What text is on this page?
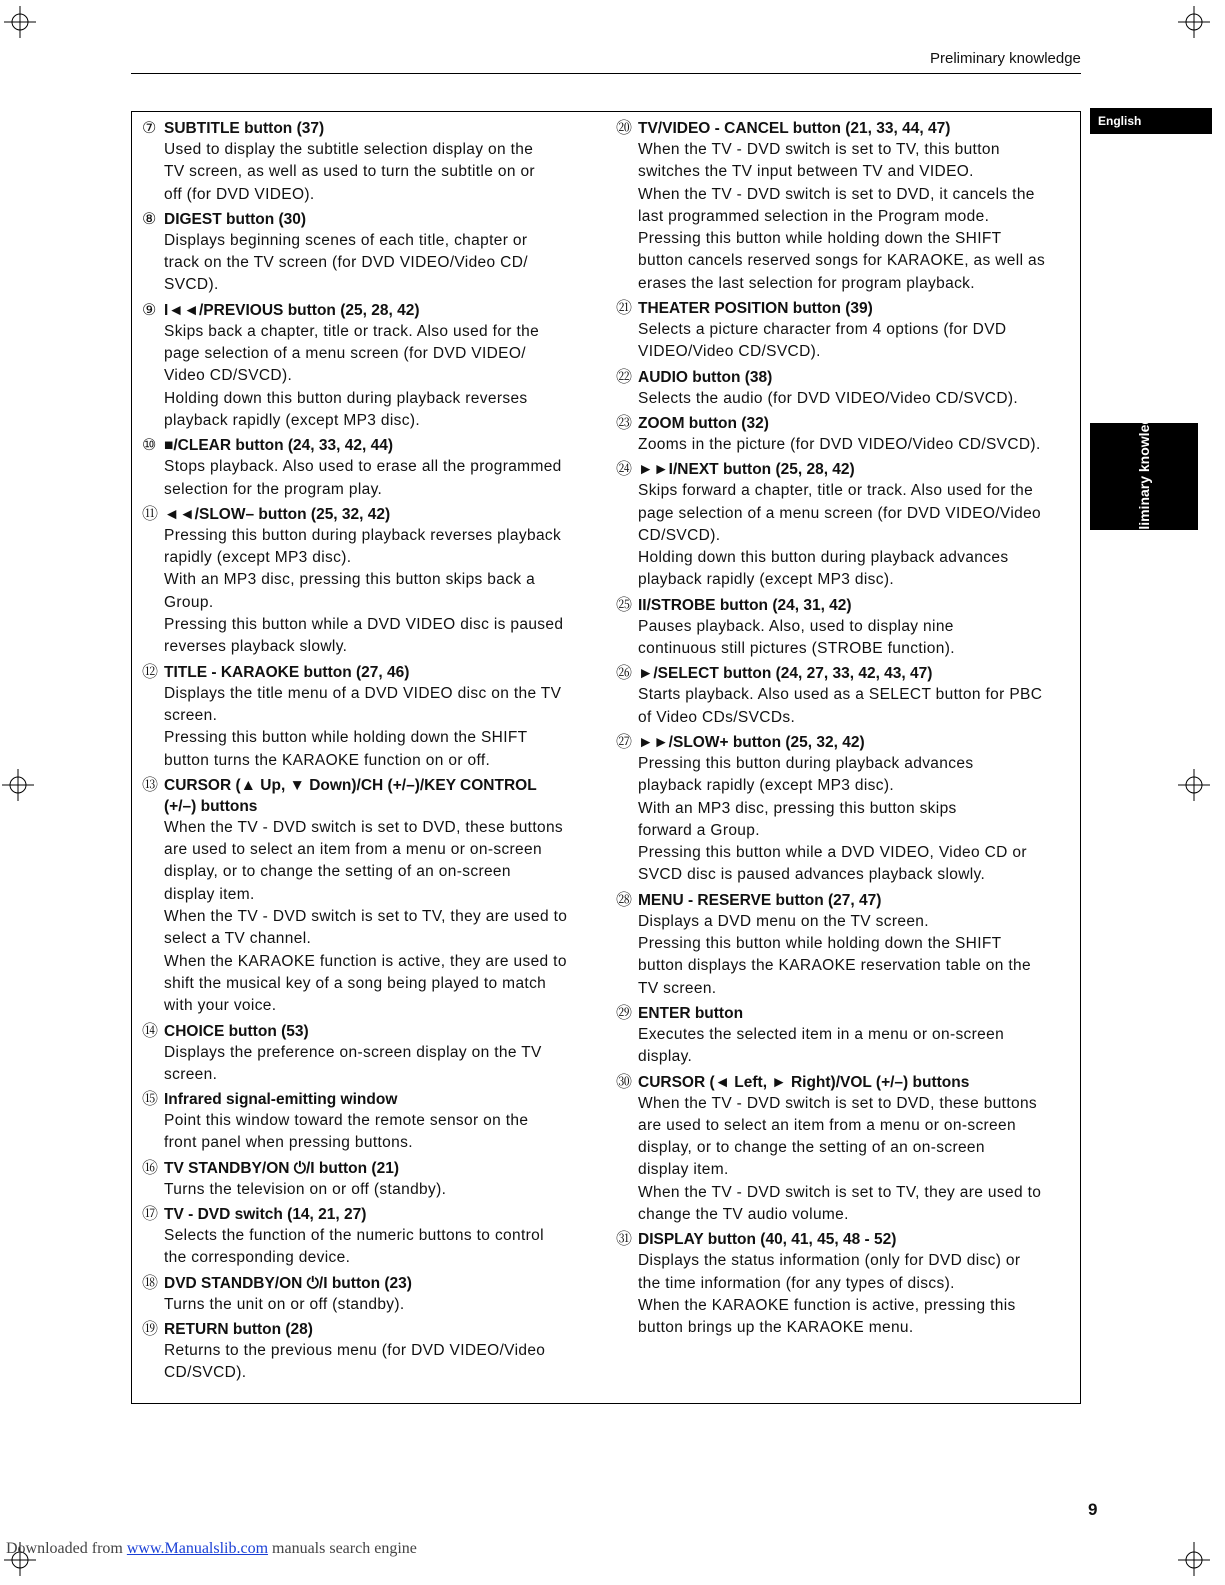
Preliminary knowledge
English
Preliminary knowledge
⑦ SUBTITLE button (37)
Used to display the subtitle selection display on the
TV screen, as well as used to turn the subtitle on or
off (for DVD VIDEO).
⑧ DIGEST button (30)
Displays beginning scenes of each title, chapter or
track on the TV screen (for DVD VIDEO/Video CD/
SVCD).
⑨ I◄◄/PREVIOUS button (25, 28, 42)
Skips back a chapter, title or track. Also used for the
page selection of a menu screen (for DVD VIDEO/
Video CD/SVCD).
Holding down this button during playback reverses
playback rapidly (except MP3 disc).
⑩ ■/CLEAR button (24, 33, 42, 44)
Stops playback. Also used to erase all the programmed
selection for the program play.
⑪ ◄◄/SLOW– button (25, 32, 42)
Pressing this button during playback reverses playback
rapidly (except MP3 disc).
With an MP3 disc, pressing this button skips back a
Group.
Pressing this button while a DVD VIDEO disc is paused
reverses playback slowly.
⑫ TITLE - KARAOKE button (27, 46)
Displays the title menu of a DVD VIDEO disc on the TV
screen.
Pressing this button while holding down the SHIFT
button turns the KARAOKE function on or off.
⑬ CURSOR (▲ Up, ▼ Down)/CH (+/–)/KEY CONTROL
(+/–) buttons
When the TV - DVD switch is set to DVD, these buttons
are used to select an item from a menu or on-screen
display, or to change the setting of an on-screen
display item.
When the TV - DVD switch is set to TV, they are used to
select a TV channel.
When the KARAOKE function is active, they are used to
shift the musical key of a song being played to match
with your voice.
⑭ CHOICE button (53)
Displays the preference on-screen display on the TV
screen.
⑮ Infrared signal-emitting window
Point this window toward the remote sensor on the
front panel when pressing buttons.
⑯ TV STANDBY/ON ⏻/I button (21)
Turns the television on or off (standby).
⑰ TV - DVD switch (14, 21, 27)
Selects the function of the numeric buttons to control
the corresponding device.
⑱ DVD STANDBY/ON ⏻/I button (23)
Turns the unit on or off (standby).
⑲ RETURN button (28)
Returns to the previous menu (for DVD VIDEO/Video
CD/SVCD).
⑳ TV/VIDEO - CANCEL button (21, 33, 44, 47)
When the TV - DVD switch is set to TV, this button
switches the TV input between TV and VIDEO.
When the TV - DVD switch is set to DVD, it cancels the
last programmed selection in the Program mode.
Pressing this button while holding down the SHIFT
button cancels reserved songs for KARAOKE, as well as
erases the last selection for program playback.
㉑ THEATER POSITION button (39)
Selects a picture character from 4 options (for DVD
VIDEO/Video CD/SVCD).
㉒ AUDIO button (38)
Selects the audio (for DVD VIDEO/Video CD/SVCD).
㉓ ZOOM button (32)
Zooms in the picture (for DVD VIDEO/Video CD/SVCD).
㉔ ►►I/NEXT button (25, 28, 42)
Skips forward a chapter, title or track. Also used for the
page selection of a menu screen (for DVD VIDEO/Video
CD/SVCD).
Holding down this button during playback advances
playback rapidly (except MP3 disc).
㉕ II/STROBE button (24, 31, 42)
Pauses playback. Also, used to display nine
continuous still pictures (STROBE function).
㉖ ►/SELECT button (24, 27, 33, 42, 43, 47)
Starts playback. Also used as a SELECT button for PBC
of Video CDs/SVCDs.
㉗ ►►/SLOW+ button (25, 32, 42)
Pressing this button during playback advances
playback rapidly (except MP3 disc).
With an MP3 disc, pressing this button skips
forward a Group.
Pressing this button while a DVD VIDEO, Video CD or
SVCD disc is paused advances playback slowly.
㉘ MENU - RESERVE button (27, 47)
Displays a DVD menu on the TV screen.
Pressing this button while holding down the SHIFT
button displays the KARAOKE reservation table on the
TV screen.
㉙ ENTER button
Executes the selected item in a menu or on-screen
display.
㉚ CURSOR (◄ Left, ► Right)/VOL (+/–) buttons
When the TV - DVD switch is set to DVD, these buttons
are used to select an item from a menu or on-screen
display, or to change the setting of an on-screen
display item.
When the TV - DVD switch is set to TV, they are used to
change the TV audio volume.
㉛ DISPLAY button (40, 41, 45, 48 - 52)
Displays the status information (only for DVD disc) or
the time information (for any types of discs).
When the KARAOKE function is active, pressing this
button brings up the KARAOKE menu.
9
Downloaded from www.Manualslib.com manuals search engine
